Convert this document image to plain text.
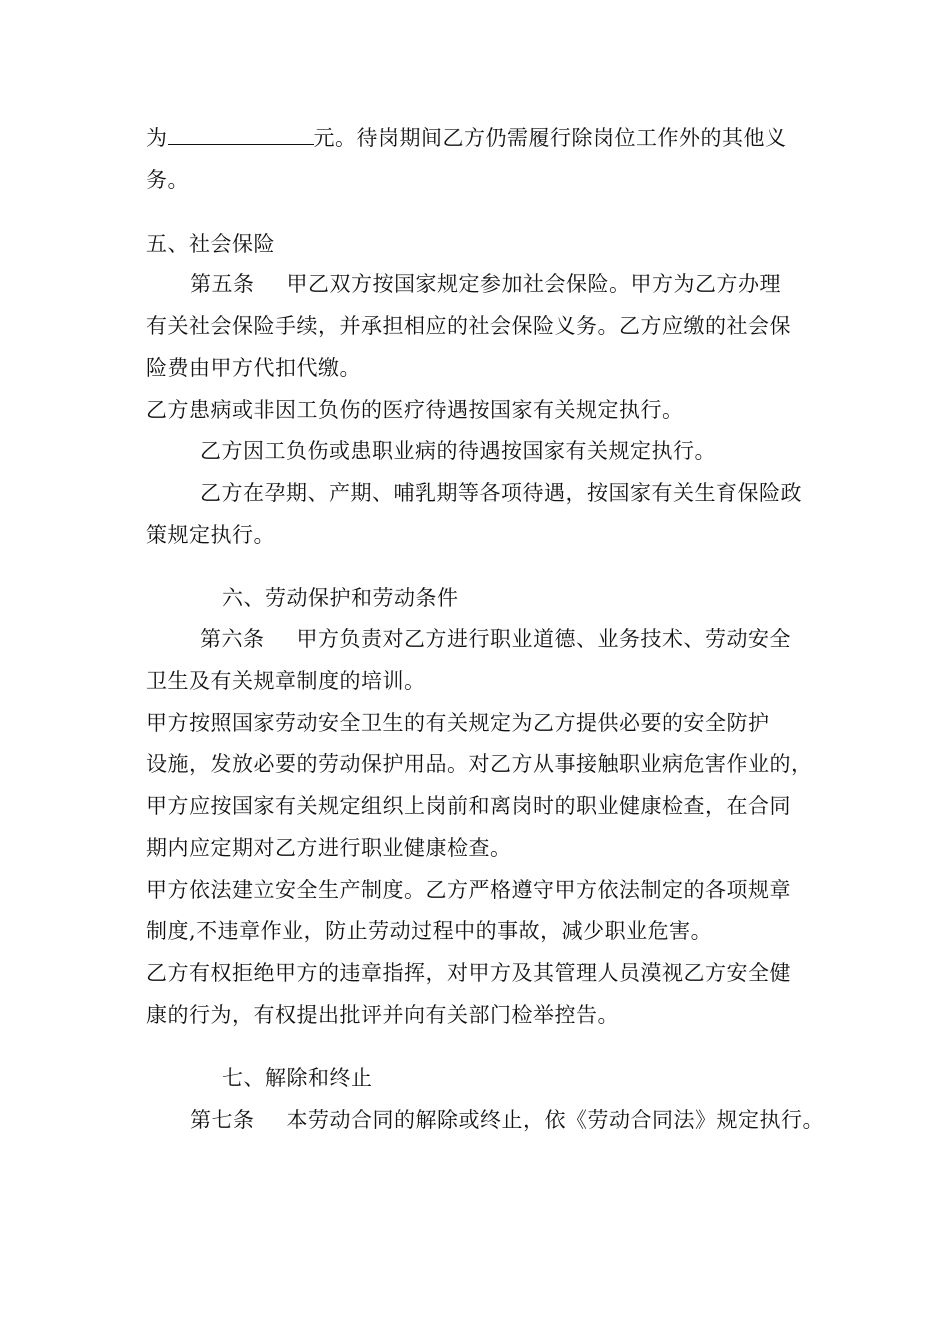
为	元。待岗期间乙方仍需履行除岗位工作外的其他义
务。
五、社会保险
第五条 甲乙双方按国家规定参加社会保险。甲方为乙方办理
有关社会保险手续，并承担相应的社会保险义务。乙方应缴的社会保
险费由甲方代扣代缴。
乙方患病或非因工负伤的医疗待遇按国家有关规定执行。
乙方因工负伤或患职业病的待遇按国家有关规定执行。
乙方在孕期、产期、哺乳期等各项待遇，按国家有关生育保险政
策规定执行。
六、劳动保护和劳动条件
第六条 甲方负责对乙方进行职业道德、业务技术、劳动安全
卫生及有关规章制度的培训。
甲方按照国家劳动安全卫生的有关规定为乙方提供必要的安全防护
设施，发放必要的劳动保护用品。对乙方从事接触职业病危害作业的，
甲方应按国家有关规定组织上岗前和离岗时的职业健康检查，在合同
期内应定期对乙方进行职业健康检查。
甲方依法建立安全生产制度。乙方严格遵守甲方依法制定的各项规章
制度,不违章作业，防止劳动过程中的事故，减少职业危害。
乙方有权拒绝甲方的违章指挥，对甲方及其管理人员漠视乙方安全健
康的行为，有权提出批评并向有关部门检举控告。
七、解除和终止
第七条 本劳动合同的解除或终止，依《劳动合同法》规定执行。
